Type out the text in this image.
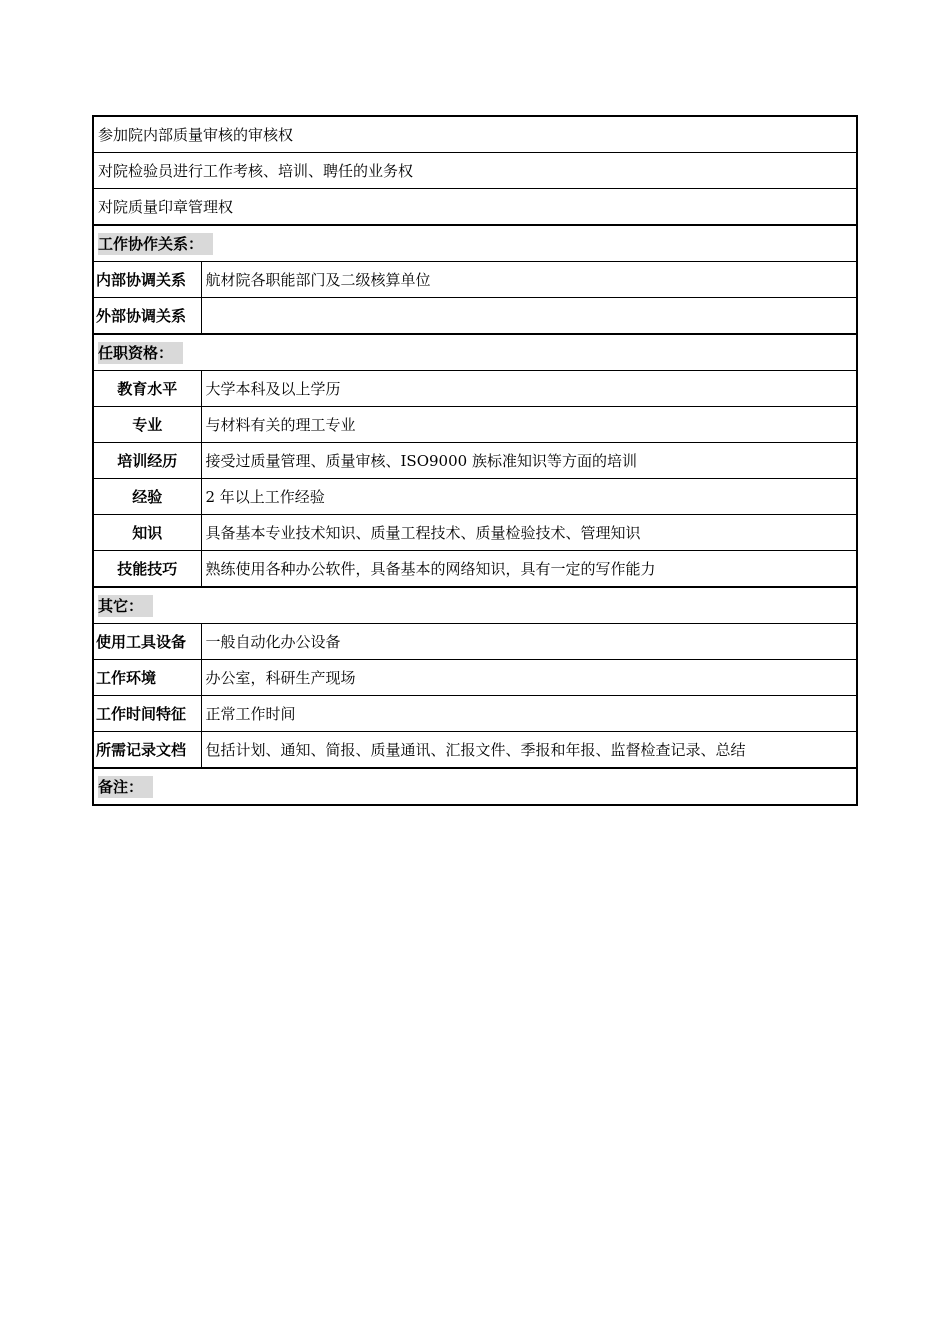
参加院内部质量审核的审核权	
对院检验员进行工作考核、培训、聘任的业务权	
对院质量印章管理权	
工作协作关系：	
内部协调关系	航材院各职能部门及二级核算单位
外部协调关系	
任职资格：	
教育水平	大学本科及以上学历
专业	与材料有关的理工专业
培训经历	接受过质量管理、质量审核、ISO9000 族标准知识等方面的培训
经验	2 年以上工作经验
知识	具备基本专业技术知识、质量工程技术、质量检验技术、管理知识
技能技巧	熟练使用各种办公软件，具备基本的网络知识，具有一定的写作能力
其它：	
使用工具设备	一般自动化办公设备
工作环境	办公室，科研生产现场
工作时间特征	正常工作时间
所需记录文档	包括计划、通知、简报、质量通讯、汇报文件、季报和年报、监督检查记录、总结
备注：	
